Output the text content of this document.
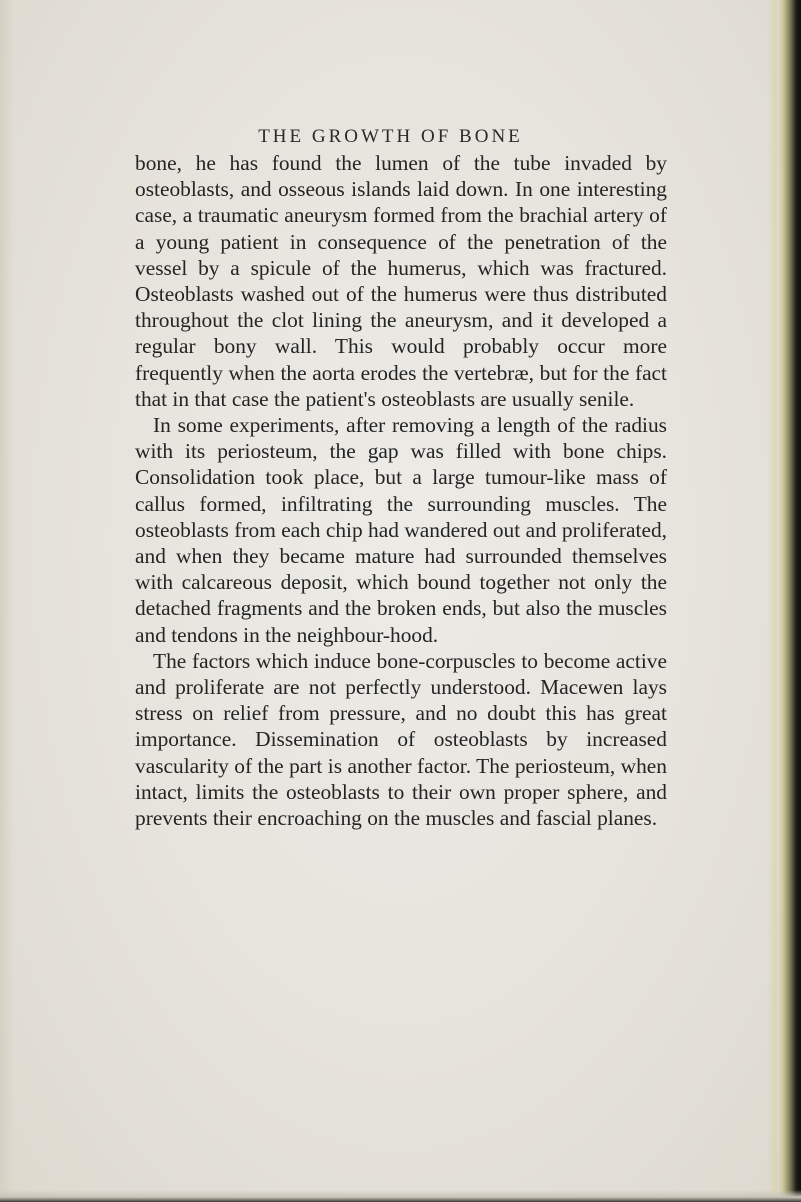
THE GROWTH OF BONE

bone, he has found the lumen of the tube invaded by osteoblasts, and osseous islands laid down. In one interesting case, a traumatic aneurysm formed from the brachial artery of a young patient in consequence of the penetration of the vessel by a spicule of the humerus, which was fractured. Osteoblasts washed out of the humerus were thus distributed throughout the clot lining the aneurysm, and it developed a regular bony wall. This would probably occur more frequently when the aorta erodes the vertebræ, but for the fact that in that case the patient's osteoblasts are usually senile.

In some experiments, after removing a length of the radius with its periosteum, the gap was filled with bone chips. Consolidation took place, but a large tumour-like mass of callus formed, infiltrating the surrounding muscles. The osteoblasts from each chip had wandered out and proliferated, and when they became mature had surrounded themselves with calcareous deposit, which bound together not only the detached fragments and the broken ends, but also the muscles and tendons in the neighbour-hood.

The factors which induce bone-corpuscles to become active and proliferate are not perfectly understood. Macewen lays stress on relief from pressure, and no doubt this has great importance. Dissemination of osteoblasts by increased vascularity of the part is another factor. The periosteum, when intact, limits the osteoblasts to their own proper sphere, and prevents their encroaching on the muscles and fascial planes.
